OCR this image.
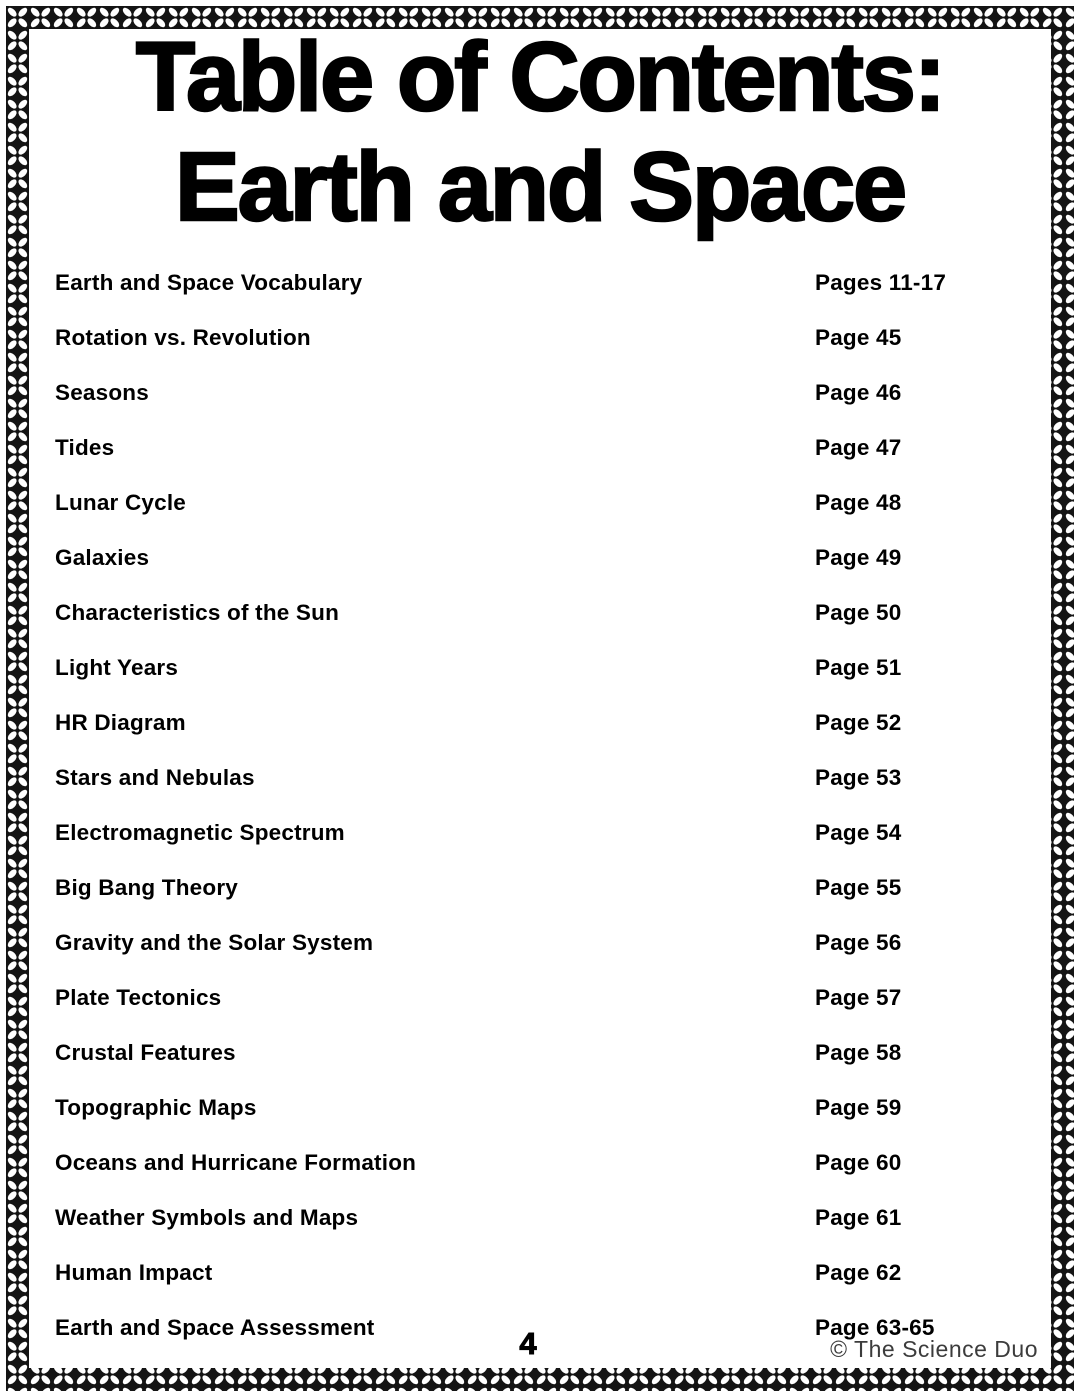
Table of Contents:
Earth and Space
Earth and Space Vocabulary	Pages 11-17
Rotation vs. Revolution	Page 45
Seasons	Page 46
Tides	Page 47
Lunar Cycle	Page 48
Galaxies	Page 49
Characteristics of the Sun	Page 50
Light Years	Page 51
HR Diagram	Page 52
Stars and Nebulas	Page 53
Electromagnetic Spectrum	Page 54
Big Bang Theory	Page 55
Gravity and the Solar System	Page 56
Plate Tectonics	Page 57
Crustal Features	Page 58
Topographic Maps	Page 59
Oceans and Hurricane Formation	Page 60
Weather Symbols and Maps	Page 61
Human Impact	Page 62
Earth and Space Assessment	Page 63-65
4	© The Science Duo
